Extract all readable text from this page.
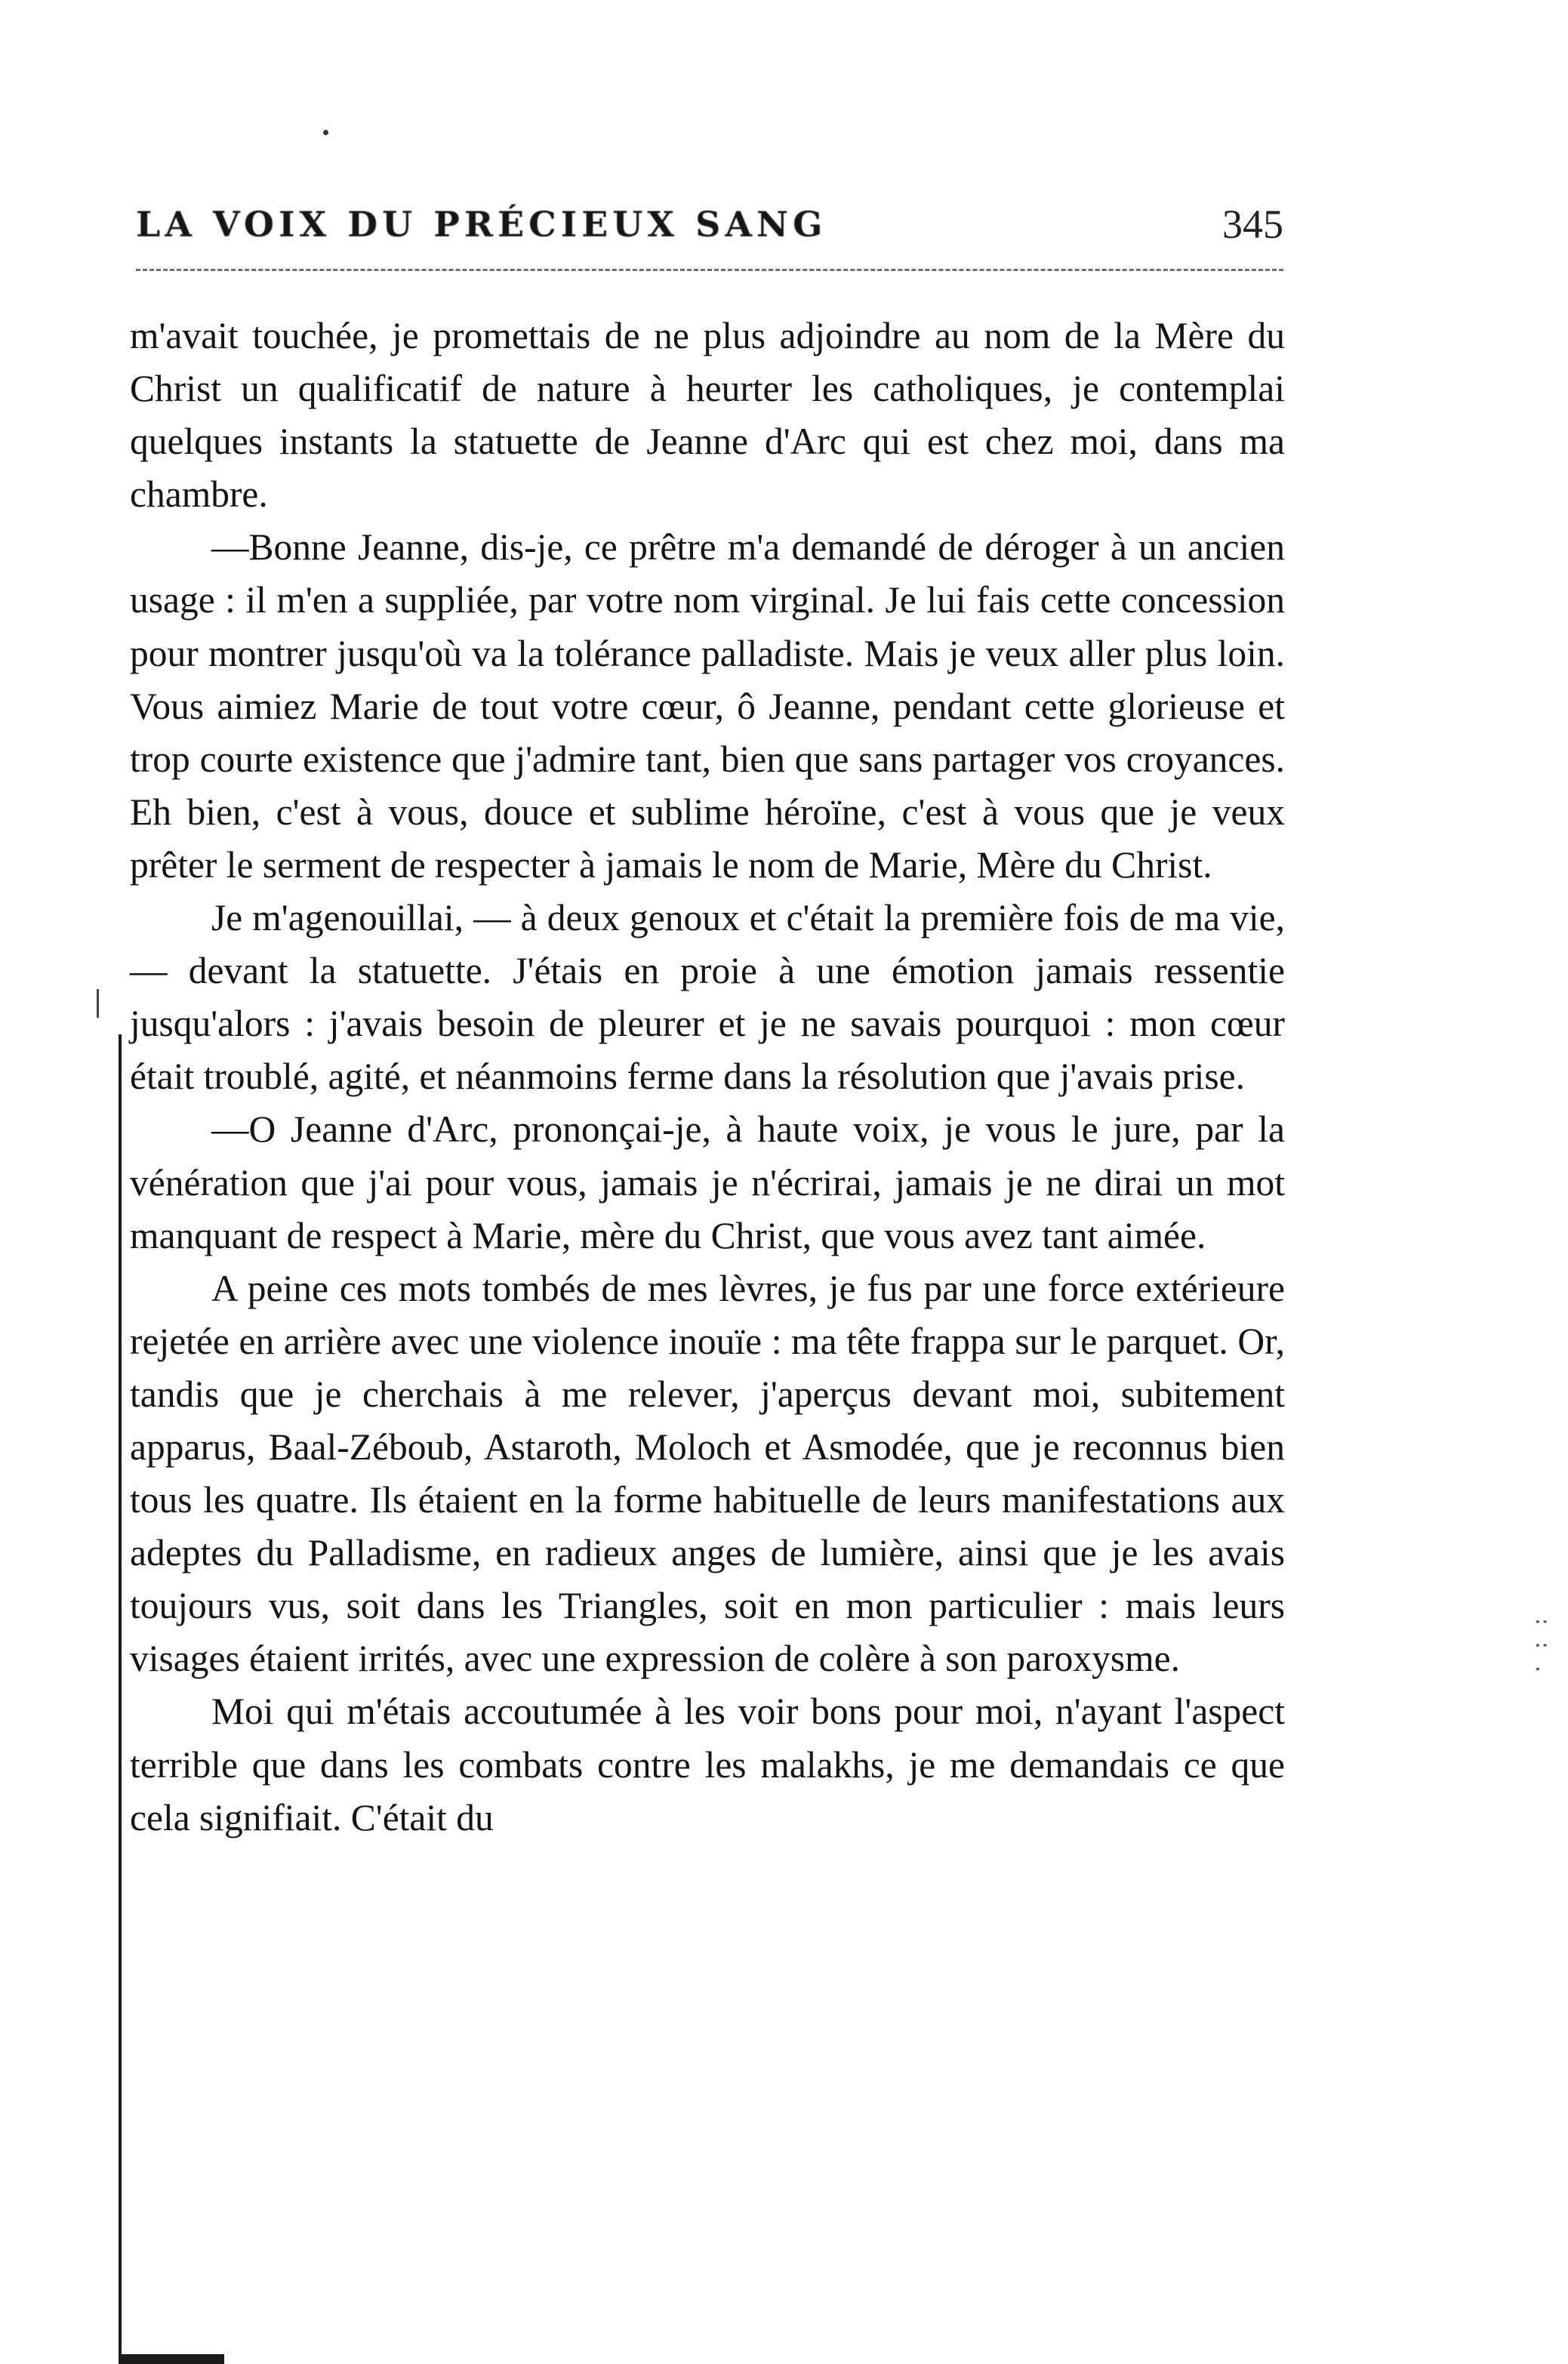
LA VOIX DU PRÉCIEUX SANG	345

m'avait touchée, je promettais de ne plus adjoindre au nom de la Mère du Christ un qualificatif de nature à heurter les catholiques, je contemplai quelques instants la statuette de Jeanne d'Arc qui est chez moi, dans ma chambre.

—Bonne Jeanne, dis-je, ce prêtre m'a demandé de déroger à un ancien usage : il m'en a suppliée, par votre nom virginal. Je lui fais cette concession pour montrer jusqu'où va la tolérance palladiste. Mais je veux aller plus loin. Vous aimiez Marie de tout votre cœur, ô Jeanne, pendant cette glorieuse et trop courte existence que j'admire tant, bien que sans partager vos croyances. Eh bien, c'est à vous, douce et sublime héroïne, c'est à vous que je veux prêter le serment de respecter à jamais le nom de Marie, Mère du Christ.

Je m'agenouillai, — à deux genoux et c'était la première fois de ma vie, — devant la statuette. J'étais en proie à une émotion jamais ressentie jusqu'alors : j'avais besoin de pleurer et je ne savais pourquoi : mon cœur était troublé, agité, et néanmoins ferme dans la résolution que j'avais prise.

—O Jeanne d'Arc, prononçai-je, à haute voix, je vous le jure, par la vénération que j'ai pour vous, jamais je n'écrirai, jamais je ne dirai un mot manquant de respect à Marie, mère du Christ, que vous avez tant aimée.

A peine ces mots tombés de mes lèvres, je fus par une force extérieure rejetée en arrière avec une violence inouïe : ma tête frappa sur le parquet. Or, tandis que je cherchais à me relever, j'aperçus devant moi, subitement apparus, Baal-Zéboub, Astaroth, Moloch et Asmodée, que je reconnus bien tous les quatre. Ils étaient en la forme habituelle de leurs manifestations aux adeptes du Palladisme, en radieux anges de lumière, ainsi que je les avais toujours vus, soit dans les Triangles, soit en mon particulier : mais leurs visages étaient irrités, avec une expression de colère à son paroxysme.

Moi qui m'étais accoutumée à les voir bons pour moi, n'ayant l'aspect terrible que dans les combats contre les malakhs, je me demandais ce que cela signifiait. C'était du

: : .
